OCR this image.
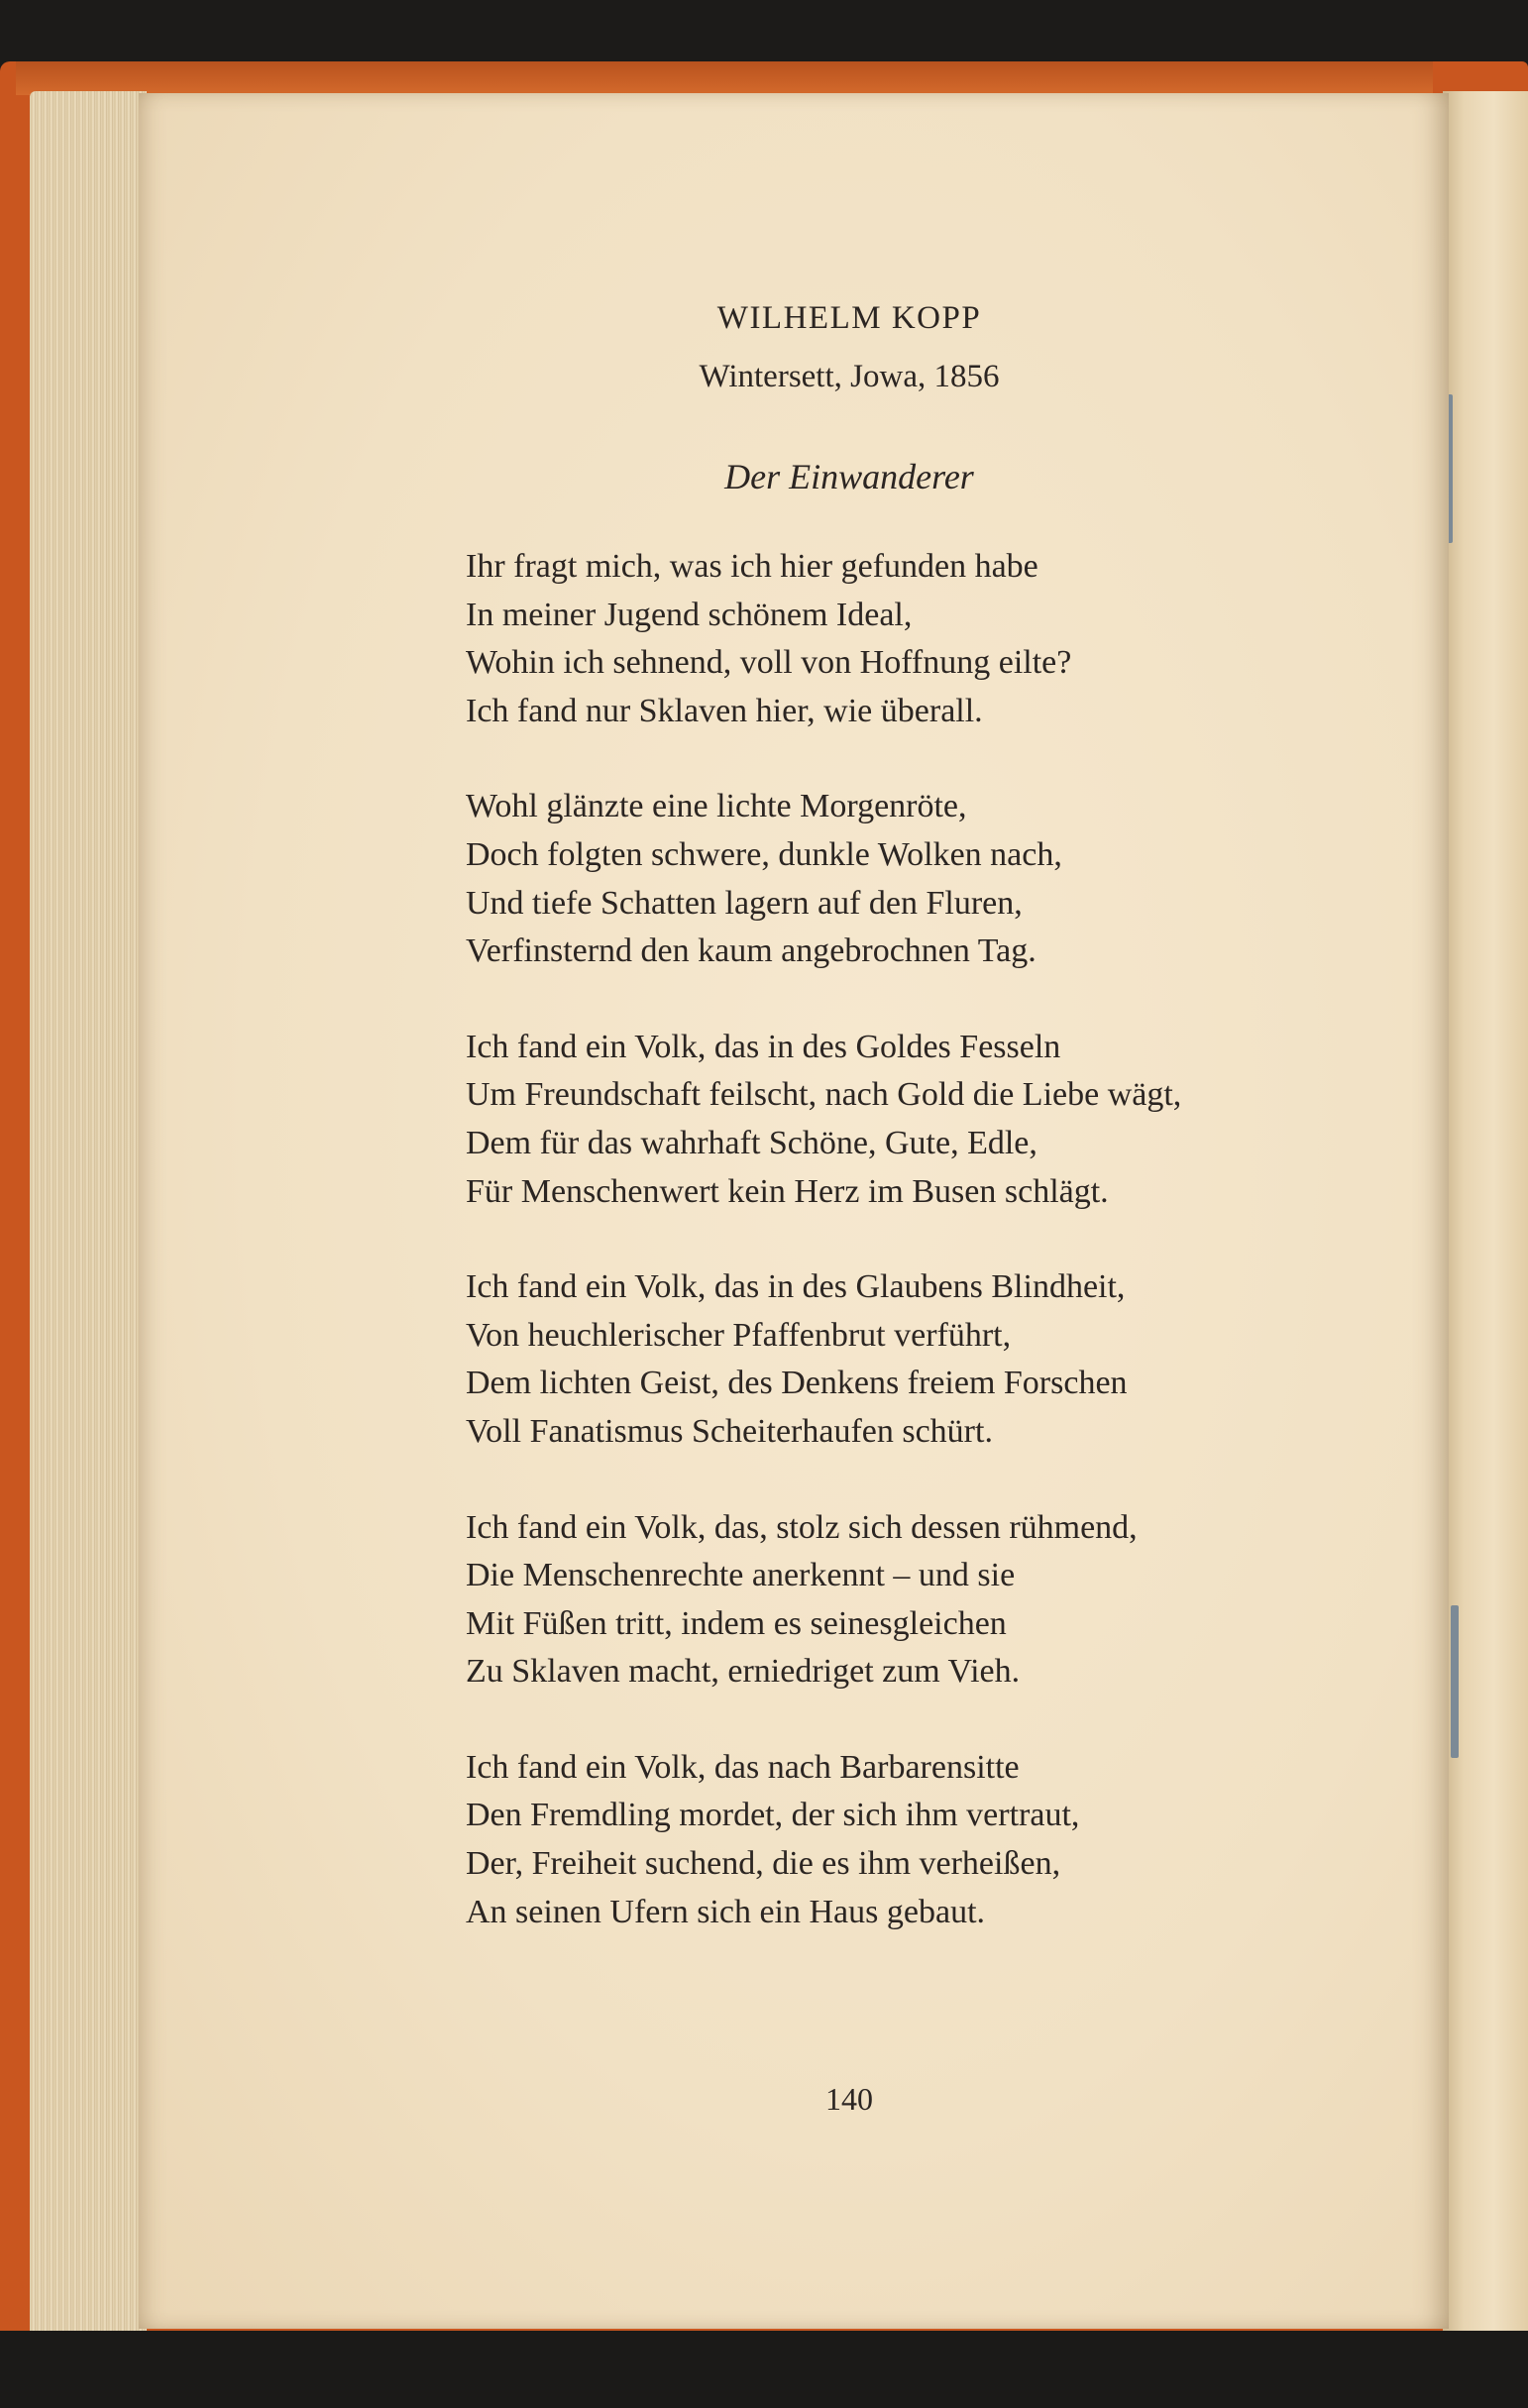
WILHELM KOPP
Wintersett, Jowa, 1856
Der Einwanderer
Ihr fragt mich, was ich hier gefunden habe
In meiner Jugend schönem Ideal,
Wohin ich sehnend, voll von Hoffnung eilte?
Ich fand nur Sklaven hier, wie überall.
Wohl glänzte eine lichte Morgenröte,
Doch folgten schwere, dunkle Wolken nach,
Und tiefe Schatten lagern auf den Fluren,
Verfinsternd den kaum angebrochnen Tag.
Ich fand ein Volk, das in des Goldes Fesseln
Um Freundschaft feilscht, nach Gold die Liebe wägt,
Dem für das wahrhaft Schöne, Gute, Edle,
Für Menschenwert kein Herz im Busen schlägt.
Ich fand ein Volk, das in des Glaubens Blindheit,
Von heuchlerischer Pfaffenbrut verführt,
Dem lichten Geist, des Denkens freiem Forschen
Voll Fanatismus Scheiterhaufen schürt.
Ich fand ein Volk, das, stolz sich dessen rühmend,
Die Menschenrechte anerkennt – und sie
Mit Füßen tritt, indem es seinesgleichen
Zu Sklaven macht, erniedriget zum Vieh.
Ich fand ein Volk, das nach Barbarensitte
Den Fremdling mordet, der sich ihm vertraut,
Der, Freiheit suchend, die es ihm verheißen,
An seinen Ufern sich ein Haus gebaut.
140
